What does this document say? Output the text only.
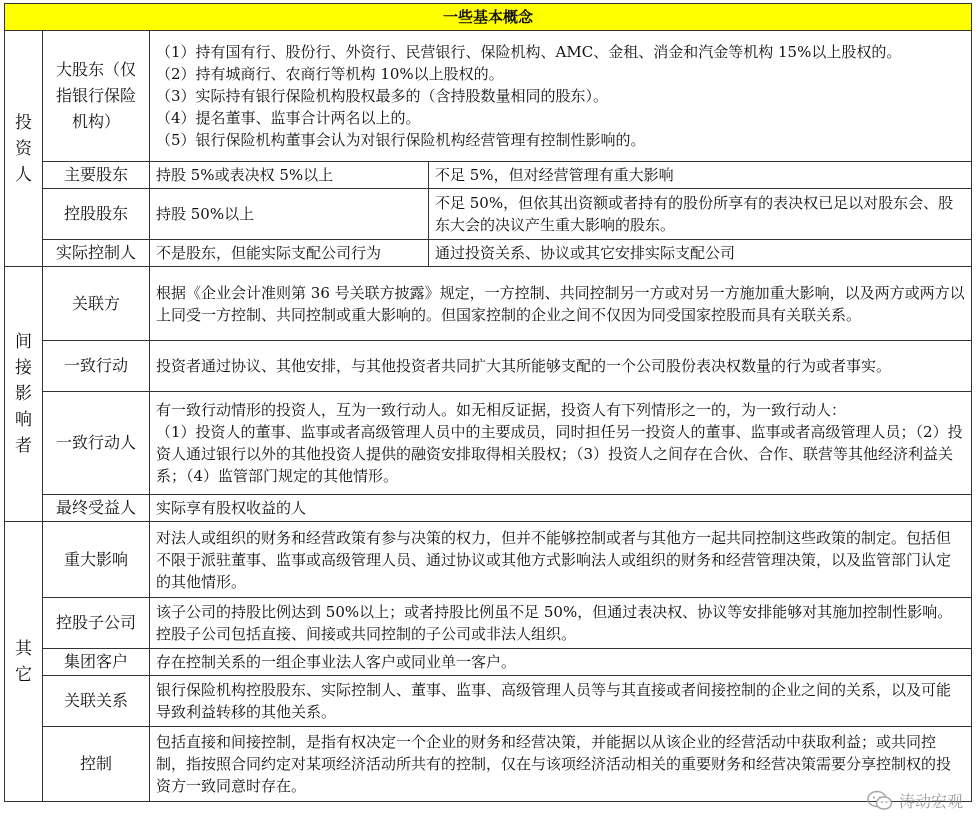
一些基本概念			

投资人	大股东（仅指银行保险机构）	（1）持有国有行、股份行、外资行、民营银行、保险机构、AMC、金租、消金和汽金等机构 15%以上股权的。
（2）持有城商行、农商行等机构 10%以上股权的。
（3）实际持有银行保险机构股权最多的（含持股数量相同的股东）。
（4）提名董事、监事合计两名以上的。
（5）银行保险机构董事会认为对银行保险机构经营管理有控制性影响的。	

	主要股东	持股 5%或表决权 5%以上	不足 5%，但对经营管理有重大影响
	控股股东	持股 50%以上	不足 50%，但依其出资额或者持有的股份所享有的表决权已足以对股东会、股东大会的决议产生重大影响的股东。
	实际控制人	不是股东，但能实际支配公司行为	通过投资关系、协议或其它安排实际支配公司

间接影响者	关联方	根据《企业会计准则第 36 号关联方披露》规定，一方控制、共同控制另一方或对另一方施加重大影响，以及两方或两方以上同受一方控制、共同控制或重大影响的。但国家控制的企业之间不仅因为同受国家控股而具有关联关系。	
	一致行动	投资者通过协议、其他安排，与其他投资者共同扩大其所能够支配的一个公司股份表决权数量的行为或者事实。	
	一致行动人	有一致行动情形的投资人，互为一致行动人。如无相反证据，投资人有下列情形之一的，为一致行动人：
（1）投资人的董事、监事或者高级管理人员中的主要成员，同时担任另一投资人的董事、监事或者高级管理人员；（2）投资人通过银行以外的其他投资人提供的融资安排取得相关股权；（3）投资人之间存在合伙、合作、联营等其他经济利益关系；（4）监管部门规定的其他情形。	

	最终受益人	实际享有股权收益的人	

其它	重大影响	对法人或组织的财务和经营政策有参与决策的权力，但并不能够控制或者与其他方一起共同控制这些政策的制定。包括但不限于派驻董事、监事或高级管理人员、通过协议或其他方式影响法人或组织的财务和经营管理决策，以及监管部门认定的其他情形。	
	控股子公司	该子公司的持股比例达到 50%以上；或者持股比例虽不足 50%，但通过表决权、协议等安排能够对其施加控制性影响。控股子公司包括直接、间接或共同控制的子公司或非法人组织。	
	集团客户	存在控制关系的一组企事业法人客户或同业单一客户。	
	关联关系	银行保险机构控股股东、实际控制人、董事、监事、高级管理人员等与其直接或者间接控制的企业之间的关系，以及可能导致利益转移的其他关系。	
	控制	包括直接和间接控制，是指有权决定一个企业的财务和经营决策，并能据以从该企业的经营活动中获取利益；或共同控制，指按照合同约定对某项经济活动所共有的控制，仅在与该项经济活动相关的重要财务和经营决策需要分享控制权的投资方一致同意时存在。	
涛动宏观
